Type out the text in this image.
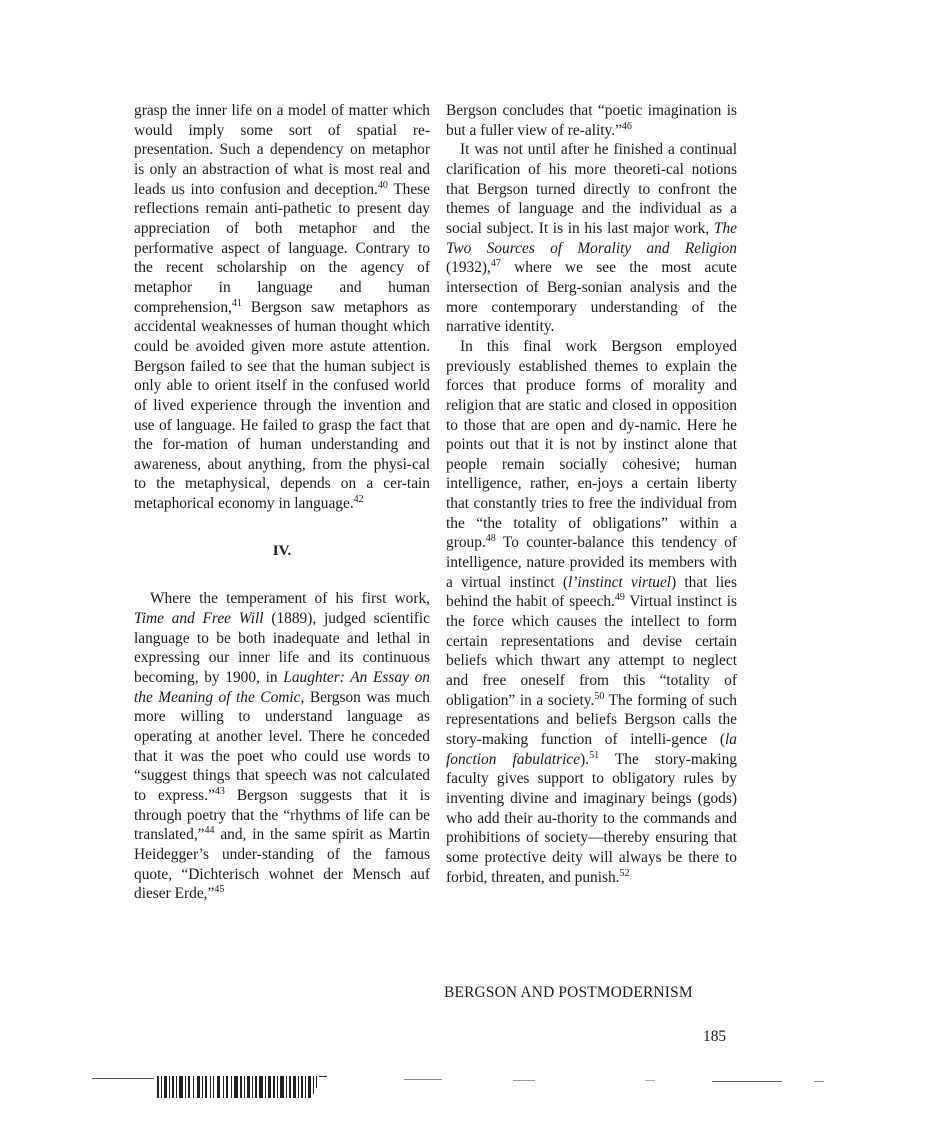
grasp the inner life on a model of matter which would imply some sort of spatial re-presentation. Such a dependency on metaphor is only an abstraction of what is most real and leads us into confusion and deception.$^{40}$ These reflections remain anti-pathetic to present day appreciation of both metaphor and the performative aspect of language. Contrary to the recent scholarship on the agency of metaphor in language and human comprehension,$^{41}$ Bergson saw metaphors as accidental weaknesses of human thought which could be avoided given more astute attention. Bergson failed to see that the human subject is only able to orient itself in the confused world of lived experience through the invention and use of language. He failed to grasp the fact that the for-mation of human understanding and awareness, about anything, from the physi-cal to the metaphysical, depends on a cer-tain metaphorical economy in language.$^{42}$

IV.

Where the temperament of his first work, Time and Free Will (1889), judged scientific language to be both inadequate and lethal in expressing our inner life and its continuous becoming, by 1900, in Laughter: An Essay on the Meaning of the Comic, Bergson was much more willing to understand language as operating at another level. There he conceded that it was the poet who could use words to “suggest things that speech was not calculated to express.”$^{43}$ Bergson suggests that it is through poetry that the “rhythms of life can be translated,”$^{44}$ and, in the same spirit as Martin Heidegger’s under-standing of the famous quote, “Dichterisch wohnet der Mensch auf dieser Erde,”$^{45}$

Bergson concludes that “poetic imagination is but a fuller view of re-ality.”$^{46}$

It was not until after he finished a continual clarification of his more theoreti-cal notions that Bergson turned directly to confront the themes of language and the individual as a social subject. It is in his last major work, The Two Sources of Morality and Religion (1932),$^{47}$ where we see the most acute intersection of Berg-sonian analysis and the more contemporary understanding of the narrative identity.

In this final work Bergson employed previously established themes to explain the forces that produce forms of morality and religion that are static and closed in opposition to those that are open and dy-namic. Here he points out that it is not by instinct alone that people remain socially cohesive; human intelligence, rather, en-joys a certain liberty that constantly tries to free the individual from the “the totality of obligations” within a group.$^{48}$ To counter-balance this tendency of intelligence, nature provided its members with a virtual instinct (l’instinct virtuel) that lies behind the habit of speech.$^{49}$ Virtual instinct is the force which causes the intellect to form certain representations and devise certain beliefs which thwart any attempt to neglect and free oneself from this “totality of obligation” in a society.$^{50}$ The forming of such representations and beliefs Bergson calls the story-making function of intelli-gence (la fonction fabulatrice).$^{51}$ The story-making faculty gives support to obligatory rules by inventing divine and imaginary beings (gods) who add their au-thority to the commands and prohibitions of society—thereby ensuring that some protective deity will always be there to forbid, threaten, and punish.$^{52}$

BERGSON AND POSTMODERNISM
185
